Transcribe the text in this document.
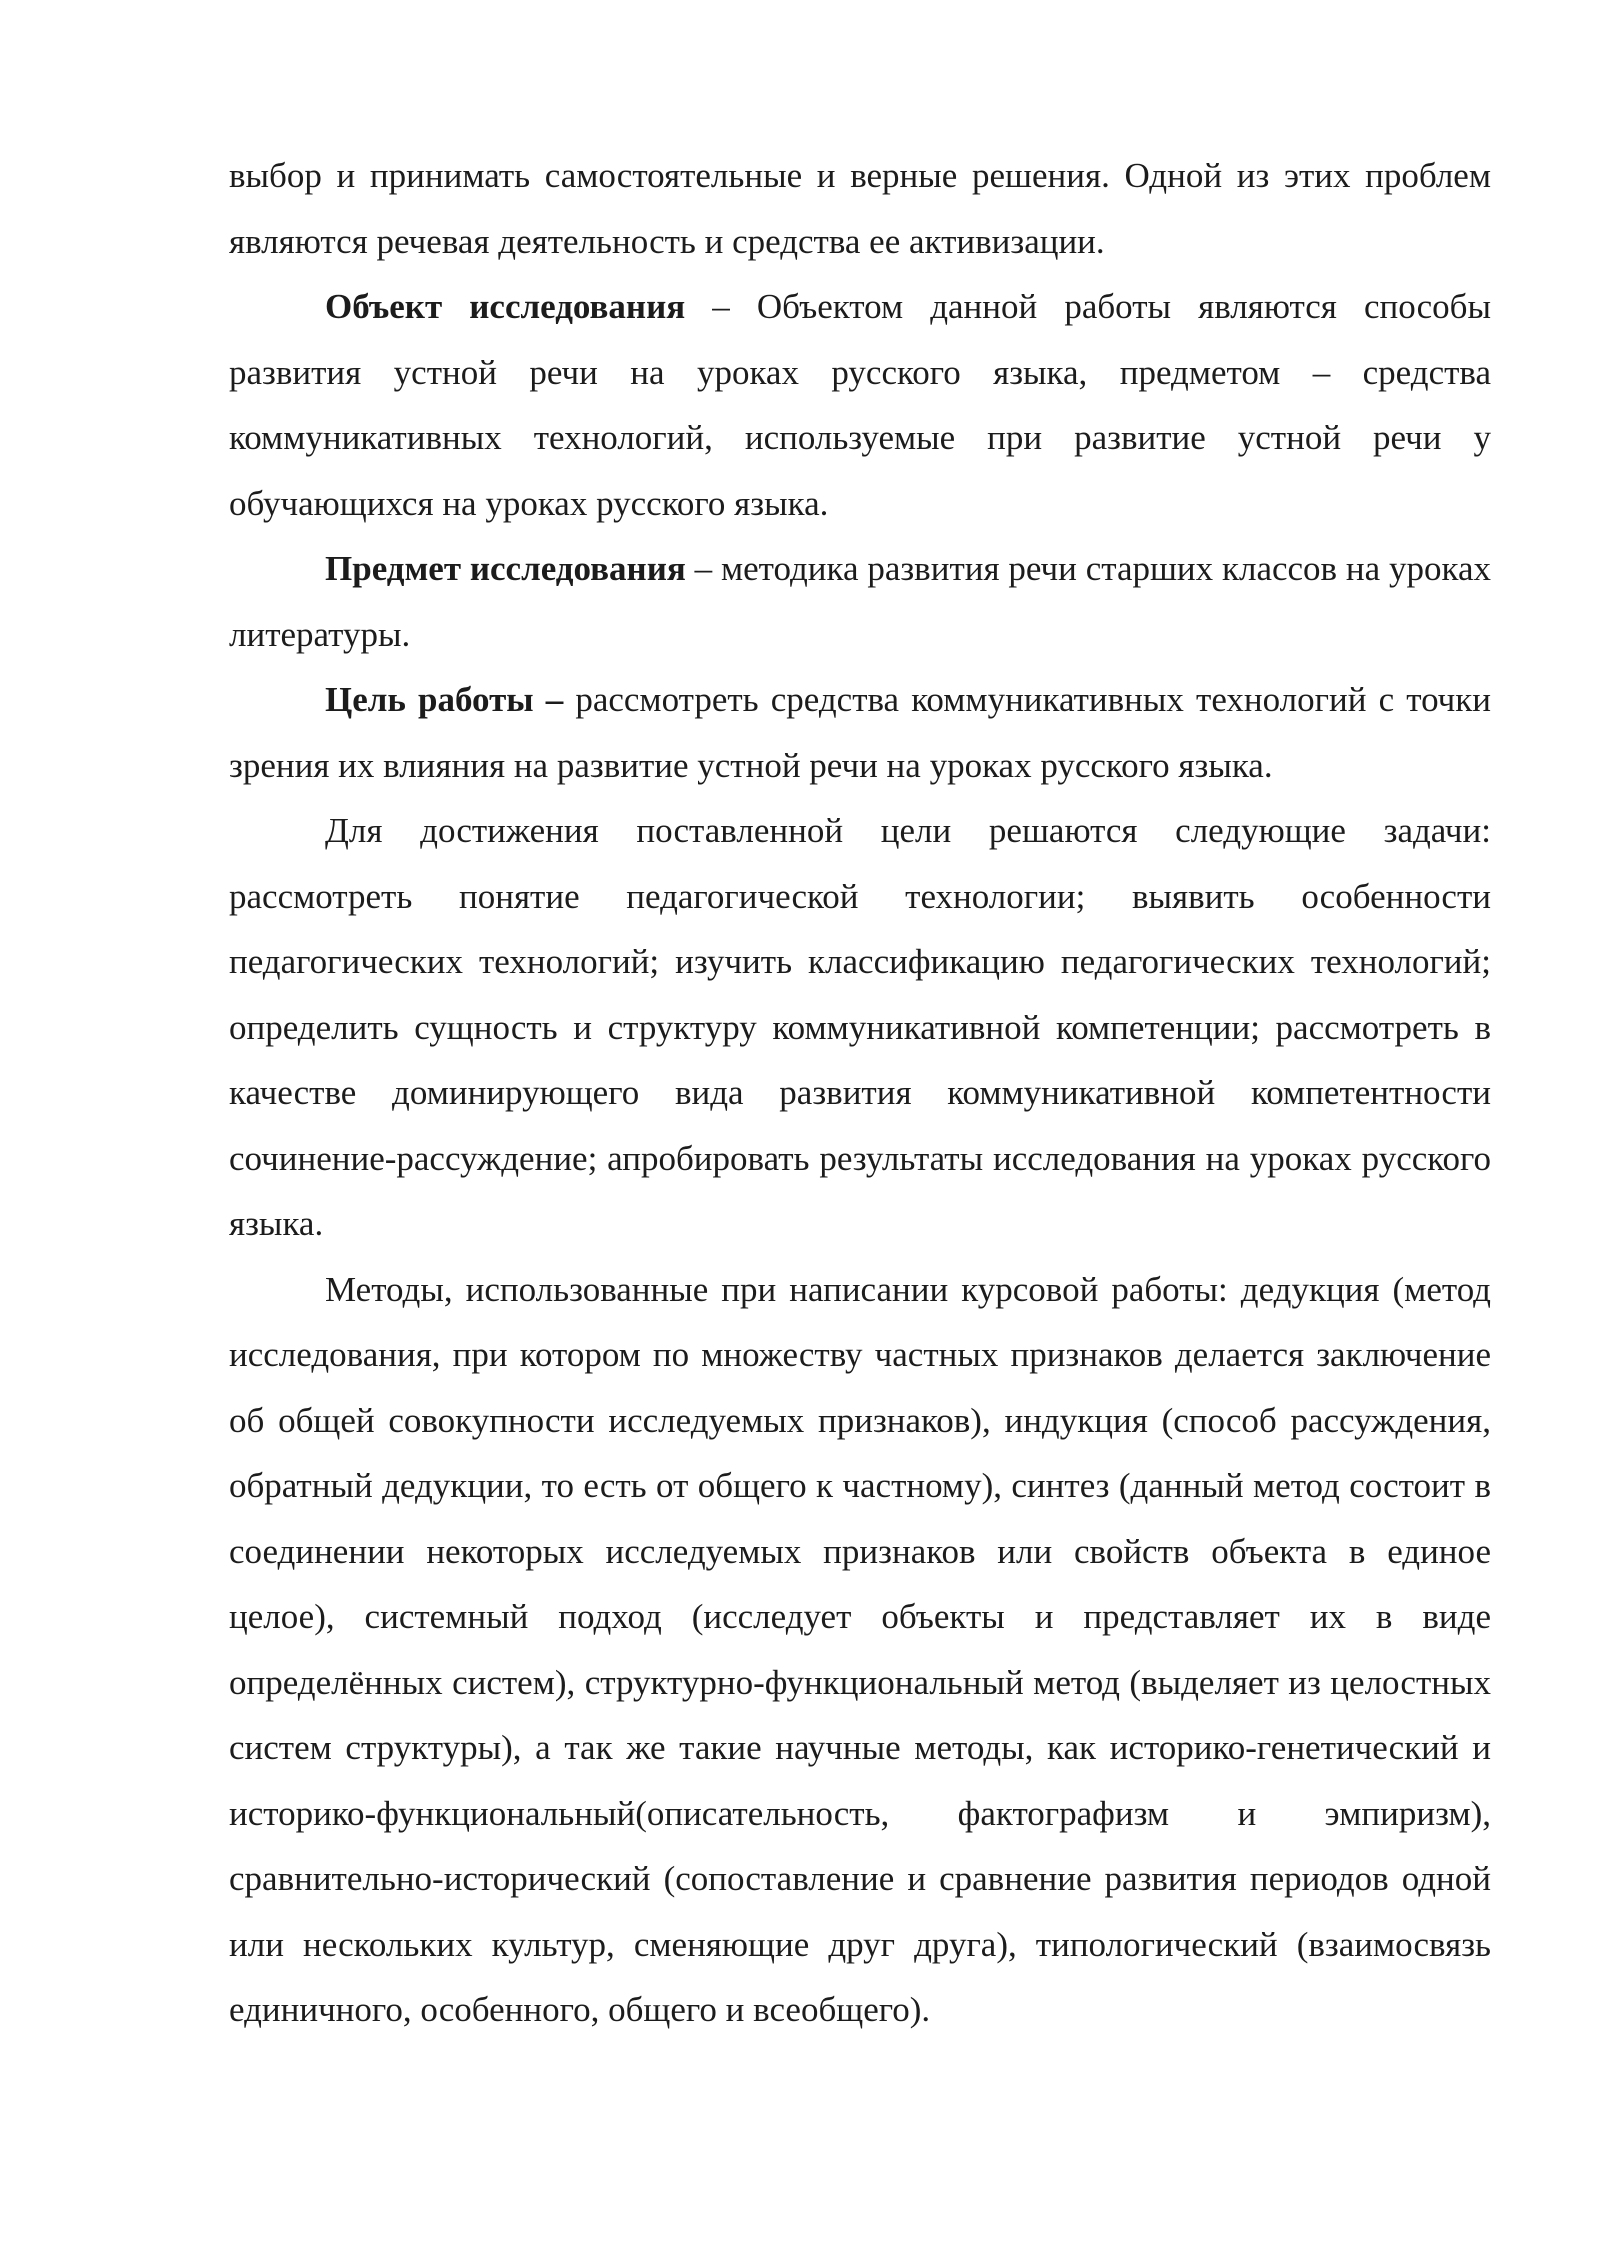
выбор и принимать самостоятельные и верные решения. Одной из этих проблем являются речевая деятельность и средства ее активизации.

Объект исследования – Объектом данной работы являются способы развития устной речи на уроках русского языка, предметом – средства коммуникативных технологий, используемые при развитие устной речи у обучающихся на уроках русского языка.

Предмет исследования – методика развития речи старших классов на уроках литературы.

Цель работы – рассмотреть средства коммуникативных технологий с точки зрения их влияния на развитие устной речи на уроках русского языка.

Для достижения поставленной цели решаются следующие задачи: рассмотреть понятие педагогической технологии; выявить особенности педагогических технологий; изучить классификацию педагогических технологий; определить сущность и структуру коммуникативной компетенции; рассмотреть в качестве доминирующего вида развития коммуникативной компетентности сочинение-рассуждение; апробировать результаты исследования на уроках русского языка.

Методы, использованные при написании курсовой работы: дедукция (метод исследования, при котором по множеству частных признаков делается заключение об общей совокупности исследуемых признаков), индукция (способ рассуждения, обратный дедукции, то есть от общего к частному), синтез (данный метод состоит в соединении некоторых исследуемых признаков или свойств объекта в единое целое), системный подход (исследует объекты и представляет их в виде определённых систем), структурно-функциональный метод (выделяет из целостных систем структуры), а так же такие научные методы, как историко-генетический и историко-функциональный(описательность, фактографизм и эмпиризм), сравнительно-исторический (сопоставление и сравнение развития периодов одной или нескольких культур, сменяющие друг друга), типологический (взаимосвязь единичного, особенного, общего и всеобщего).
